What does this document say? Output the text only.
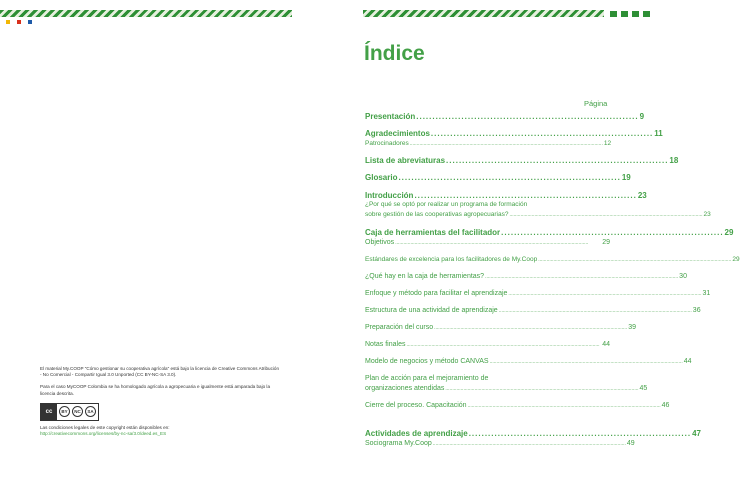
Índice
Página
Presentación ..................................................................... 9
Agradecimientos ..................................................................... 11
Patrocinadores ........................................................................................................................................... 12
Lista de abreviaturas ..................................................................... 18
Glosario ..................................................................... 19
Introducción ..................................................................... 23
¿Por qué se optó por realizar un programa de formación
sobre gestión de las cooperativas agropecuarias? ........................................................................................................................................... 23
Caja de herramientas del facilitador ..................................................................... 29
Objetivos ...........................................................................................................................................	29
Estándares de excelencia para los facilitadores de My.Coop ........................................................................................................................................... 29
¿Qué hay en la caja de herramientas? ........................................................................................................................................... 30
Enfoque y método para facilitar el aprendizaje ........................................................................................................................................... 31
Estructura de una actividad de aprendizaje ........................................................................................................................................... 36
Preparación del curso ........................................................................................................................................... 39
Notas finales ........................................................................................................................................... 44
Modelo de negocios y método CANVAS ........................................................................................................................................... 44
Plan de acción para el mejoramiento de
organizaciones atendidas ........................................................................................................................................... 45
Cierre del proceso. Capacitación ........................................................................................................................................... 46
Actividades de aprendizaje ..................................................................... 47
Sociograma My.Coop ........................................................................................................................................... 49

El material My.COOP "Cómo gestionar su cooperativa agrícola" está bajo la licencia de Creative Commons Atribución - No Comercial - Compartir Igual 3.0 Unported (CC BY-NC-SA 3.0).

Para el caso MyCOOP Colombia se ha homologado agrícola a agropecuaria e igualmente está amparada bajo la licencia descrita.

cc	BY	NC	SA

Las condiciones legales de este copyright están disponibles en:

http://creativecommons.org/licenses/by-nc-sa/3.0/deed.es_ES
